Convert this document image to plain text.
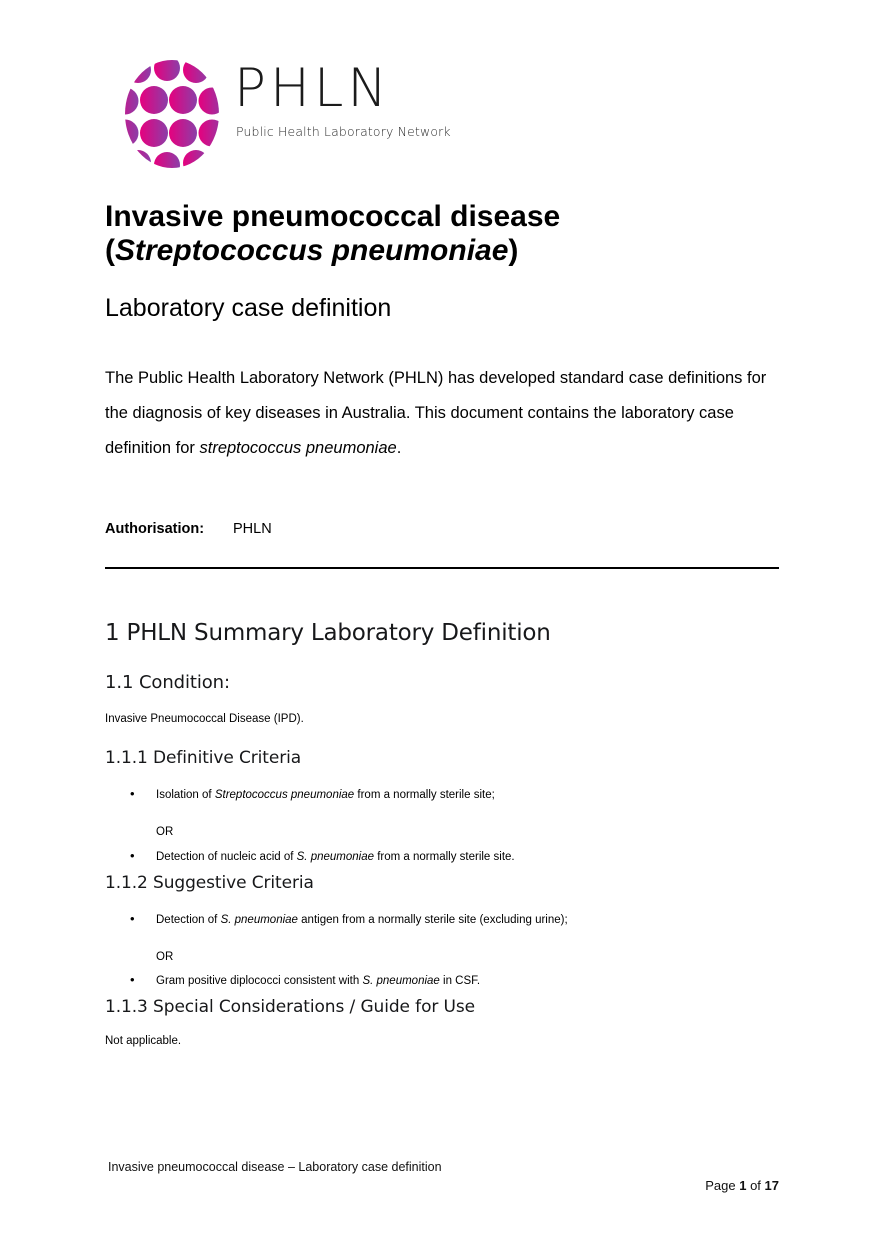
PHLN
Public Health Laboratory Network
Invasive pneumococcal disease
(Streptococcus pneumoniae)
Laboratory case definition

The Public Health Laboratory Network (PHLN) has developed standard case definitions for the diagnosis of key diseases in Australia. This document contains the laboratory case definition for streptococcus pneumoniae.

Authorisation: PHLN
1 PHLN Summary Laboratory Definition
1.1 Condition:

Invasive Pneumococcal Disease (IPD).

1.1.1 Definitive Criteria
• Isolation of Streptococcus pneumoniae from a normally sterile site;
OR
• Detection of nucleic acid of S. pneumoniae from a normally sterile site.
1.1.2 Suggestive Criteria
• Detection of S. pneumoniae antigen from a normally sterile site (excluding urine);
OR
• Gram positive diplococci consistent with S. pneumoniae in CSF.
1.1.3 Special Considerations / Guide for Use

Not applicable.

Invasive pneumococcal disease – Laboratory case definition
Page 1 of 17
